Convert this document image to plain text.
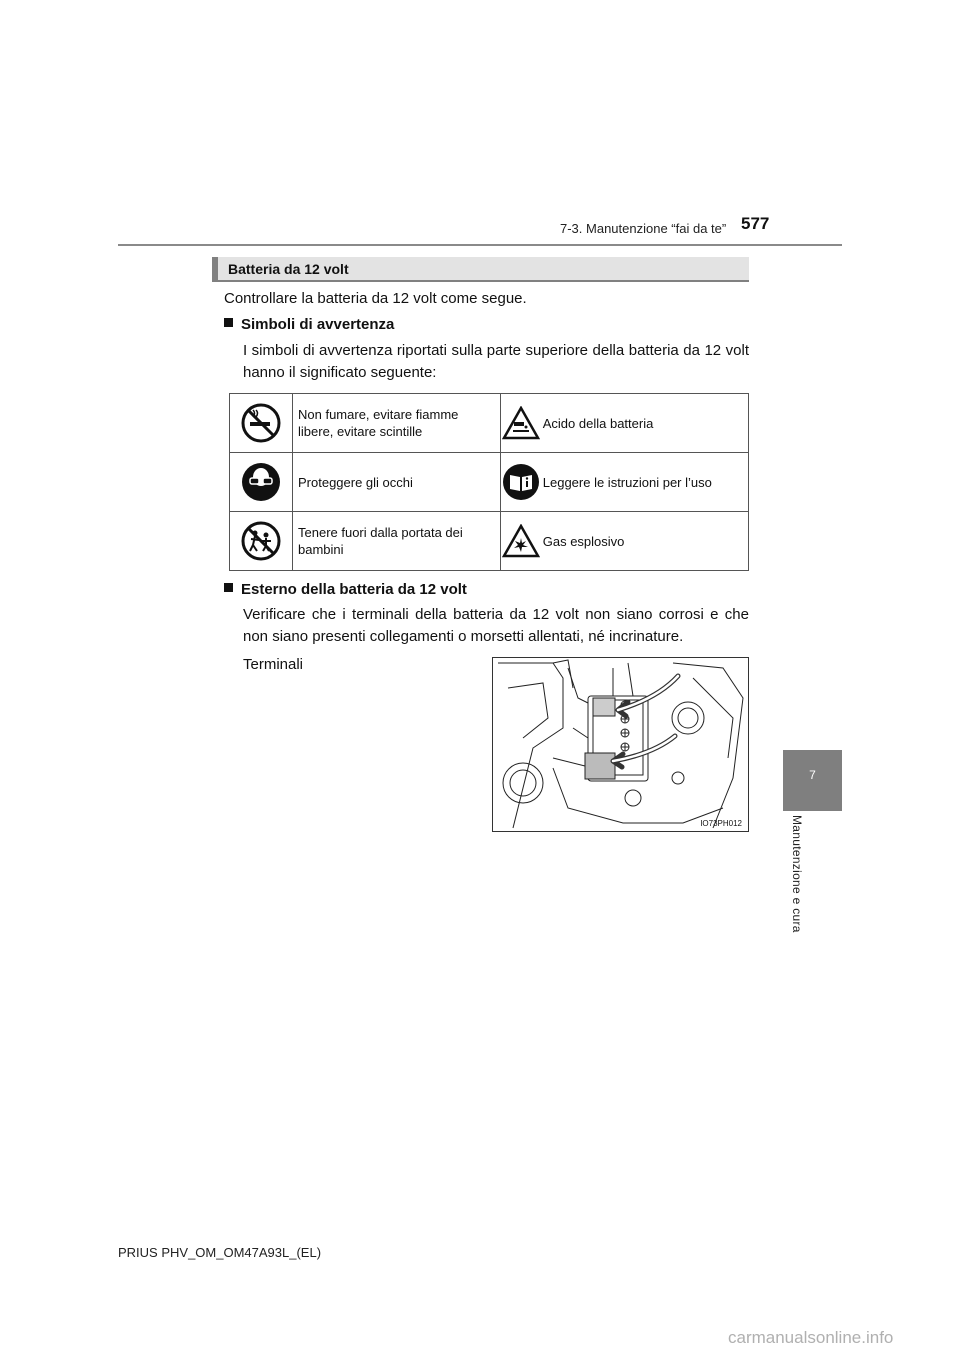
7-3. Manutenzione “fai da te” 577
7
Manutenzione e cura
Batteria da 12 volt
Controllare la batteria da 12 volt come segue.
Simboli di avvertenza
I simboli di avvertenza riportati sulla parte superiore della batteria da 12 volt hanno il significato seguente:
	Non fumare, evitare fiamme libere, evitare scintille		Acido della batteria

	Proteggere gli occhi		Leggere le istruzioni per l’uso

	Tenere fuori dalla portata dei bambini		Gas esplosivo
Esterno della batteria da 12 volt
Verificare che i terminali della batteria da 12 volt non siano corrosi e che non siano presenti collegamenti o morsetti allentati, né incrinature.
Terminali
IO73PH012
PRIUS PHV_OM_OM47A93L_(EL)
carmanualsonline.info
